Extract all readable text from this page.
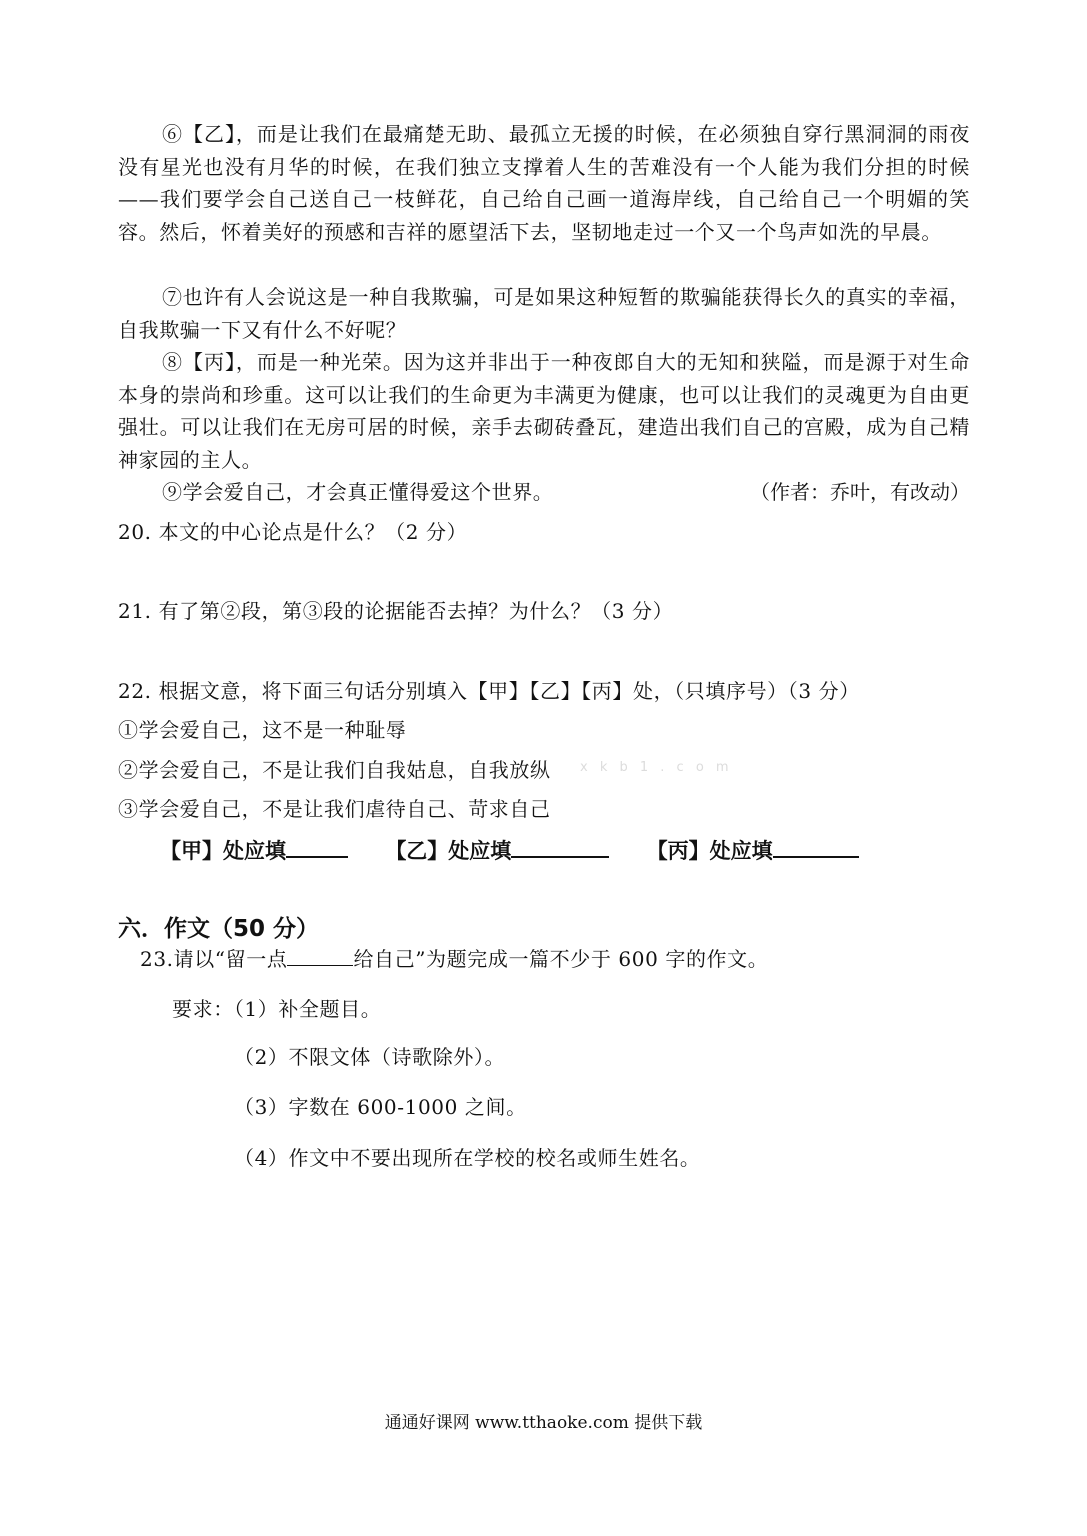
⑥【乙】，而是让我们在最痛楚无助、最孤立无援的时候，在必须独自穿行黑洞洞的雨夜没有星光也没有月华的时候，在我们独立支撑着人生的苦难没有一个人能为我们分担的时候——我们要学会自己送自己一枝鲜花，自己给自己画一道海岸线，自己给自己一个明媚的笑容。然后，怀着美好的预感和吉祥的愿望活下去，坚韧地走过一个又一个鸟声如洗的早晨。

⑦也许有人会说这是一种自我欺骗，可是如果这种短暂的欺骗能获得长久的真实的幸福，自我欺骗一下又有什么不好呢？

⑧【丙】，而是一种光荣。因为这并非出于一种夜郎自大的无知和狭隘，而是源于对生命本身的崇尚和珍重。这可以让我们的生命更为丰满更为健康，也可以让我们的灵魂更为自由更强壮。可以让我们在无房可居的时候，亲手去砌砖叠瓦，建造出我们自己的宫殿，成为自己精神家园的主人。

⑨学会爱自己，才会真正懂得爱这个世界。	（作者：乔叶，有改动）

20. 本文的中心论点是什么？（2 分）

21. 有了第②段，第③段的论据能否去掉？为什么？（3 分）

22. 根据文意，将下面三句话分别填入【甲】【乙】【丙】处，（只填序号）（3 分）

①学会爱自己，这不是一种耻辱

②学会爱自己，不是让我们自我姑息，自我放纵

③学会爱自己，不是让我们虐待自己、苛求自己

x k b 1 . c o m
【甲】处应填	【乙】处应填	【丙】处应填
六．作文（50 分）

23.请以“留一点	给自己”为题完成一篇不少于 600 字的作文。

要求：（1）补全题目。

（2）不限文体（诗歌除外）。

（3）字数在 600-1000 之间。

（4）作文中不要出现所在学校的校名或师生姓名。

通通好课网 www.tthaoke.com 提供下载
